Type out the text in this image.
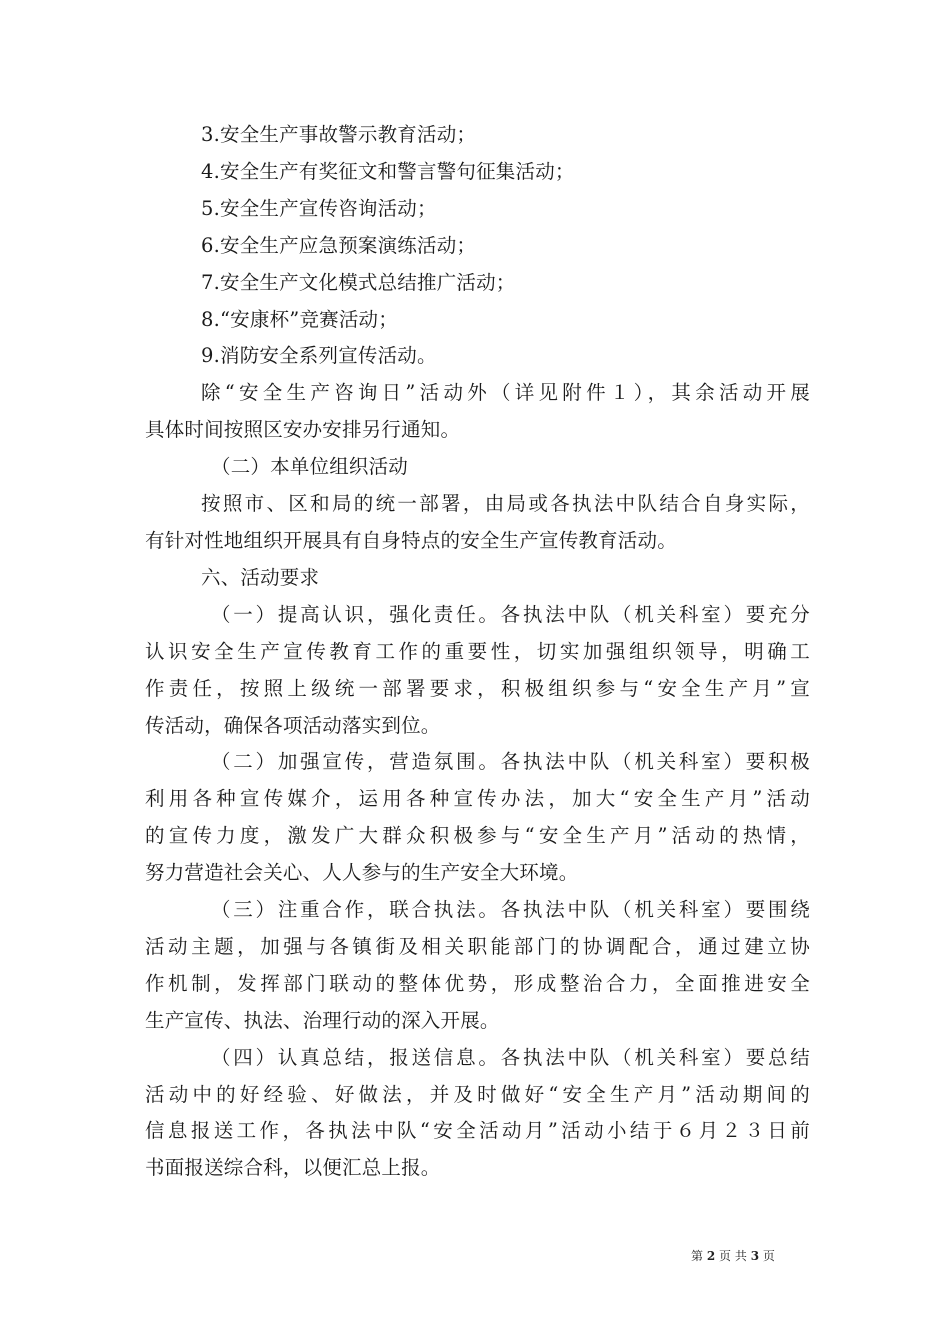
3.安全生产事故警示教育活动；
4.安全生产有奖征文和警言警句征集活动；
5.安全生产宣传咨询活动；
6.安全生产应急预案演练活动；
7.安全生产文化模式总结推广活动；
8.“安康杯”竞赛活动；
9.消防安全系列宣传活动。
除“安全生产咨询日”活动外（详见附件１），其余活动开展
具体时间按照区安办安排另行通知。
（二）本单位组织活动
按照市、区和局的统一部署，由局或各执法中队结合自身实际，
有针对性地组织开展具有自身特点的安全生产宣传教育活动。
六、活动要求
（一）提高认识，强化责任。各执法中队（机关科室）要充分
认识安全生产宣传教育工作的重要性，切实加强组织领导，明确工
作责任，按照上级统一部署要求，积极组织参与“安全生产月”宣
传活动，确保各项活动落实到位。
（二）加强宣传，营造氛围。各执法中队（机关科室）要积极
利用各种宣传媒介，运用各种宣传办法，加大“安全生产月”活动
的宣传力度，激发广大群众积极参与“安全生产月”活动的热情，
努力营造社会关心、人人参与的生产安全大环境。
（三）注重合作，联合执法。各执法中队（机关科室）要围绕
活动主题，加强与各镇街及相关职能部门的协调配合，通过建立协
作机制，发挥部门联动的整体优势，形成整治合力，全面推进安全
生产宣传、执法、治理行动的深入开展。
（四）认真总结，报送信息。各执法中队（机关科室）要总结
活动中的好经验、好做法，并及时做好“安全生产月”活动期间的
信息报送工作，各执法中队“安全活动月”活动小结于６月２３日前
书面报送综合科，以便汇总上报。
第 2 页 共 3 页
